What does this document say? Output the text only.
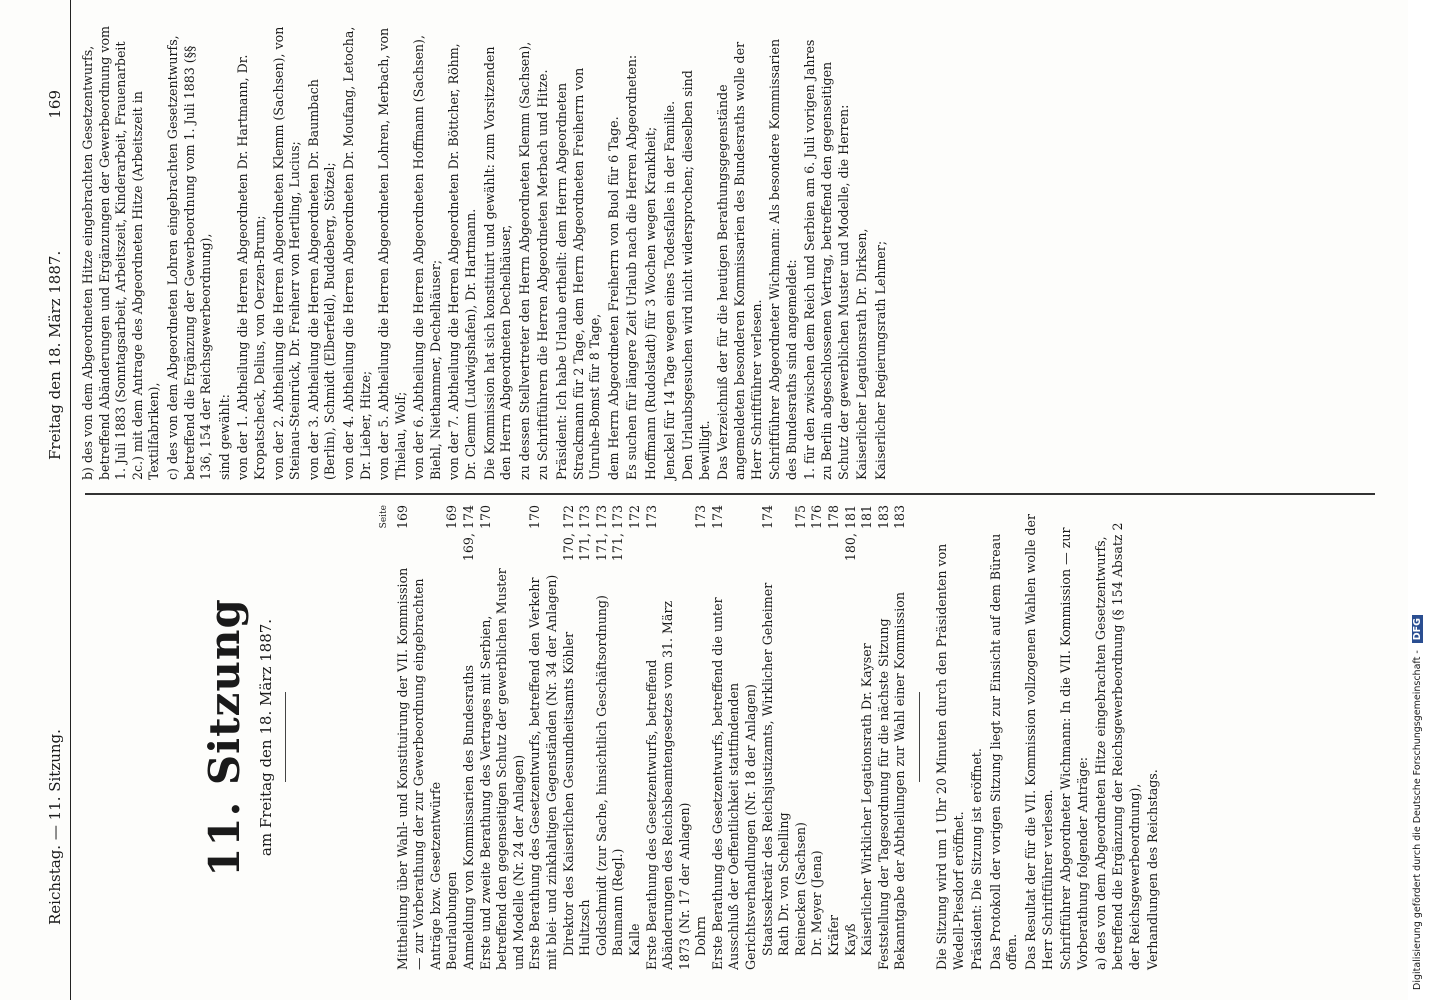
Reichstag. — 11. Sitzung.
Freitag den 18. März 1887.
169
11. Sitzung am Freitag den 18. März 1887.
Seite
Mittheilung über Wahl- und Konstituirung der VII. Kommission — zur Vorberathung der zur Gewerbeordnung eingebrachten Anträge bzw. Gesetzentwürfe
169
Beurlaubungen
169
Anmeldung von Kommissarien des Bundesraths
169, 174
Erste und zweite Berathung des Vertrages mit Serbien, betreffend den gegenseitigen Schutz der gewerblichen Muster und Modelle (Nr. 24 der Anlagen)
170
Erste Berathung des Gesetzentwurfs, betreffend den Verkehr mit blei- und zinkhaltigen Gegenständen (Nr. 34 der Anlagen)
170
Direktor des Kaiserlichen Gesundheitsamts Köhler
170, 172
Hultzsch
171, 173
Goldschmidt (zur Sache, hinsichtlich Geschäftsordnung)
171, 173
Baumann (Regl.)
171, 173
Kalle
172
Erste Berathung des Gesetzentwurfs, betreffend Abänderungen des Reichsbeamtengesetzes vom 31. März 1873 (Nr. 17 der Anlagen)
173
Dohrn
173
Erste Berathung des Gesetzentwurfs, betreffend die unter Ausschluß der Oeffentlichkeit stattfindenden Gerichtsverhandlungen (Nr. 18 der Anlagen)
174
Staatssekretär des Reichsjustizamts, Wirklicher Geheimer Rath Dr. von Schelling
174
Reinecken (Sachsen)
175
Dr. Meyer (Jena)
176
Kräfer
178
Kayß
180, 181
Kaiserlicher Wirklicher Legationsrath Dr. Kayser
181
Feststellung der Tagesordnung für die nächste Sitzung
183
Bekanntgabe der Abtheilungen zur Wahl einer Kommission
183

Die Sitzung wird um 1 Uhr 20 Minuten durch den Präsidenten von Wedell-Piesdorf eröffnet. Präsident: Die Sitzung ist eröffnet. Das Protokoll der vorigen Sitzung liegt zur Einsicht auf dem Büreau offen. Das Resultat der für die VII. Kommission vollzogenen Wahlen wolle der Herr Schriftführer verlesen. Schriftführer Abgeordneter Wichmann: In die VII. Kommission — zur Vorberathung folgender Anträge: a) des von dem Abgeordneten Hitze eingebrachten Gesetzentwurfs, betreffend die Ergänzung der Reichsgewerbeordnung (§ 154 Absatz 2 der Reichsgewerbeordnung), Verhandlungen des Reichstags.

b) des von dem Abgeordneten Hitze eingebrachten Gesetzentwurfs, betreffend Abänderungen und Ergänzungen der Gewerbeordnung vom 1. Juli 1883 (Sonntagsarbeit, Arbeitszeit, Kinderarbeit, Frauenarbeit 2c.) mit dem Antrage des Abgeordneten Hitze (Arbeitszeit in Textilfabriken), c) des von dem Abgeordneten Lohren eingebrachten Gesetzentwurfs, betreffend die Ergänzung der Gewerbeordnung vom 1. Juli 1883 (§§ 136, 154 der Reichsgewerbeordnung), sind gewählt: von der 1. Abtheilung die Herren Abgeordneten Dr. Hartmann, Dr. Kropatscheck, Delius, von Oerzen-Brunn; von der 2. Abtheilung die Herren Abgeordneten Klemm (Sachsen), von Steinau-Steinrück, Dr. Freiherr von Hertling, Lucius; von der 3. Abtheilung die Herren Abgeordneten Dr. Baumbach (Berlin), Schmidt (Elberfeld), Buddeberg, Stötzel; von der 4. Abtheilung die Herren Abgeordneten Dr. Moufang, Letocha, Dr. Lieber, Hitze; von der 5. Abtheilung die Herren Abgeordneten Lohren, Merbach, von Thielau, Wolf; von der 6. Abtheilung die Herren Abgeordneten Hoffmann (Sachsen), Biehl, Niethammer, Dechelhäuser; von der 7. Abtheilung die Herren Abgeordneten Dr. Böttcher, Röhm, Dr. Clemm (Ludwigshafen), Dr. Hartmann. Die Kommission hat sich konstituirt und gewählt: zum Vorsitzenden den Herrn Abgeordneten Dechelhäuser, zu dessen Stellvertreter den Herrn Abgeordneten Klemm (Sachsen), zu Schriftführern die Herren Abgeordneten Merbach und Hitze. Präsident: Ich habe Urlaub ertheilt: dem Herrn Abgeordneten Strackmann für 2 Tage, dem Herrn Abgeordneten Freiherrn von Unruhe-Bomst für 8 Tage, dem Herrn Abgeordneten Freiherrn von Buol für 6 Tage. Es suchen für längere Zeit Urlaub nach die Herren Abgeordneten: Hoffmann (Rudolstadt) für 3 Wochen wegen Krankheit; Jenckel für 14 Tage wegen eines Todesfalles in der Familie. Den Urlaubsgesuchen wird nicht widersprochen; dieselben sind bewilligt. Das Verzeichniß der für die heutigen Berathungsgegenstände angemeldeten besonderen Kommissarien des Bundesraths wolle der Herr Schriftführer verlesen. Schriftführer Abgeordneter Wichmann: Als besondere Kommissarien des Bundesraths sind angemeldet: 1. für den zwischen dem Reich und Serbien am 6. Juli vorigen Jahres zu Berlin abgeschlossenen Vertrag, betreffend den gegenseitigen Schutz der gewerblichen Muster und Modelle, die Herren: Kaiserlicher Legationsrath Dr. Dirksen, Kaiserlicher Regierungsrath Lehmer;

Digitalisierung gefördert durch die Deutsche Forschungsgemeinschaft - DFG
